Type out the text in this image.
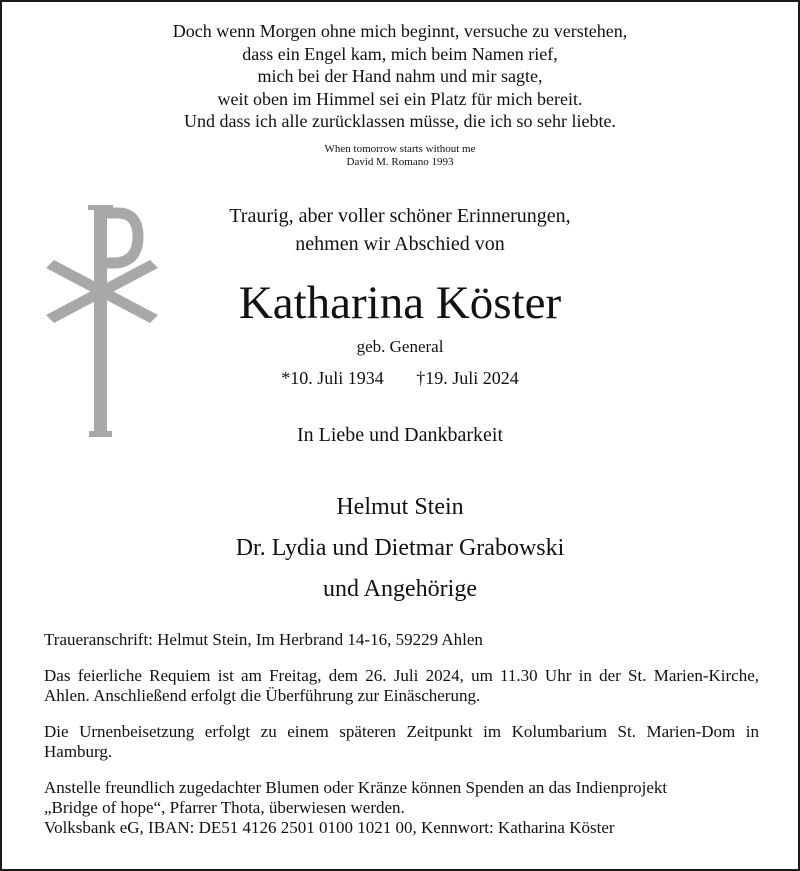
Doch wenn Morgen ohne mich beginnt, versuche zu verstehen,
dass ein Engel kam, mich beim Namen rief,
mich bei der Hand nahm und mir sagte,
weit oben im Himmel sei ein Platz für mich bereit.
Und dass ich alle zurücklassen müsse, die ich so sehr liebte.
When tomorrow starts without me
David M. Romano 1993
Traurig, aber voller schöner Erinnerungen,
nehmen wir Abschied von
Katharina Köster
geb. General
*10. Juli 1934 †19. Juli 2024
In Liebe und Dankbarkeit
Helmut Stein
Dr. Lydia und Dietmar Grabowski
und Angehörige

Traueranschrift: Helmut Stein, Im Herbrand 14-16, 59229 Ahlen

Das feierliche Requiem ist am Freitag, dem 26. Juli 2024, um 11.30 Uhr in der St. Marien-Kirche, Ahlen. Anschließend erfolgt die Überführung zur Einäscherung.

Die Urnenbeisetzung erfolgt zu einem späteren Zeitpunkt im Kolumbarium St. Marien-Dom in Hamburg.

Anstelle freundlich zugedachter Blumen oder Kränze können Spenden an das Indienprojekt
„Bridge of hope“, Pfarrer Thota, überwiesen werden.
Volksbank eG, IBAN: DE51 4126 2501 0100 1021 00, Kennwort: Katharina Köster
